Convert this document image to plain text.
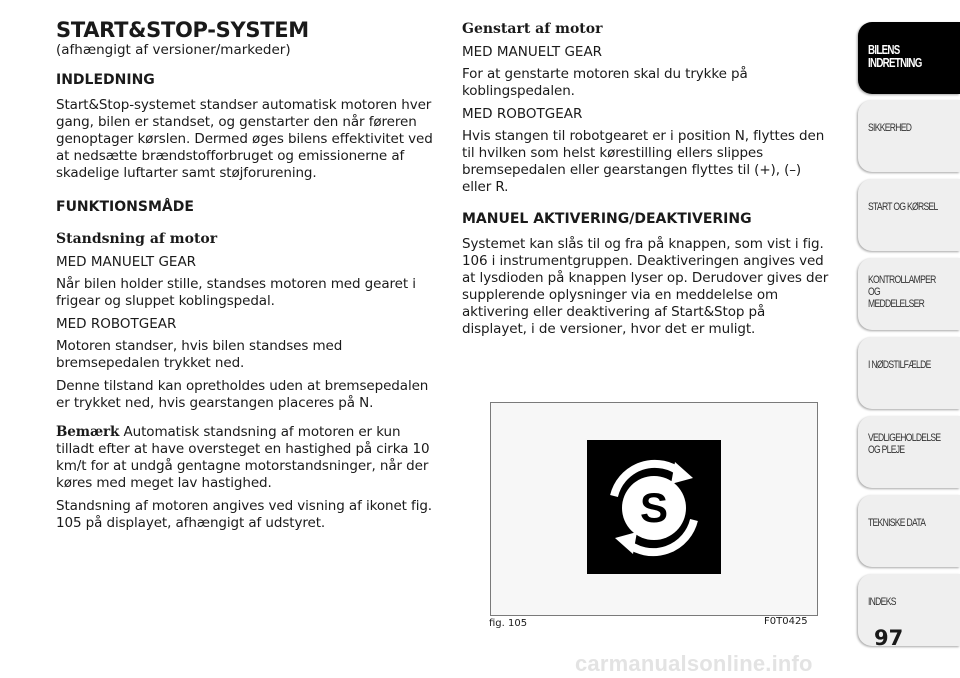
START&STOP-SYSTEM
(afhængigt af versioner/markeder)
INDLEDNING

Start&Stop-systemet standser automatisk motoren hver gang, bilen er standset, og genstarter den når føreren genoptager kørslen. Dermed øges bilens effektivitet ved at nedsætte brændstofforbruget og emissionerne af skadelige luftarter samt støjforurening.

FUNKTIONSMÅDE
Standsning af motor
MED MANUELT GEAR

Når bilen holder stille, standses motoren med gearet i frigear og sluppet koblingspedal.

MED ROBOTGEAR

Motoren standser, hvis bilen standses med bremsepedalen trykket ned.

Denne tilstand kan opretholdes uden at bremsepedalen er trykket ned, hvis gearstangen placeres på N.

Bemærk Automatisk standsning af motoren er kun tilladt efter at have oversteget en hastighed på cirka 10 km/t for at undgå gentagne motorstandsninger, når der køres med meget lav hastighed.

Standsning af motoren angives ved visning af ikonet fig. 105 på displayet, afhængigt af udstyret.

Genstart af motor
MED MANUELT GEAR

For at genstarte motoren skal du trykke på koblingspedalen.

MED ROBOTGEAR

Hvis stangen til robotgearet er i position N, flyttes den til hvilken som helst kørestilling ellers slippes bremsepedalen eller gearstangen flyttes til (+), (–) eller R.

MANUEL AKTIVERING/DEAKTIVERING

Systemet kan slås til og fra på knappen, som vist i fig. 106 i instrumentgruppen. Deaktiveringen angives ved at lysdioden på knappen lyser op. Derudover gives der supplerende oplysninger via en meddelelse om aktivering eller deaktivering af Start&Stop på displayet, i de versioner, hvor det er muligt.

S
fig. 105	F0T0425
BILENS
INDRETNING
SIKKERHED
START OG KØRSEL
KONTROLLAMPER
OG MEDDELELSER
I NØDSTILFÆLDE
VEDLIGEHOLDELSE
OG PLEJE
TEKNISKE DATA
INDEKS
97
carmanualsonline.info
